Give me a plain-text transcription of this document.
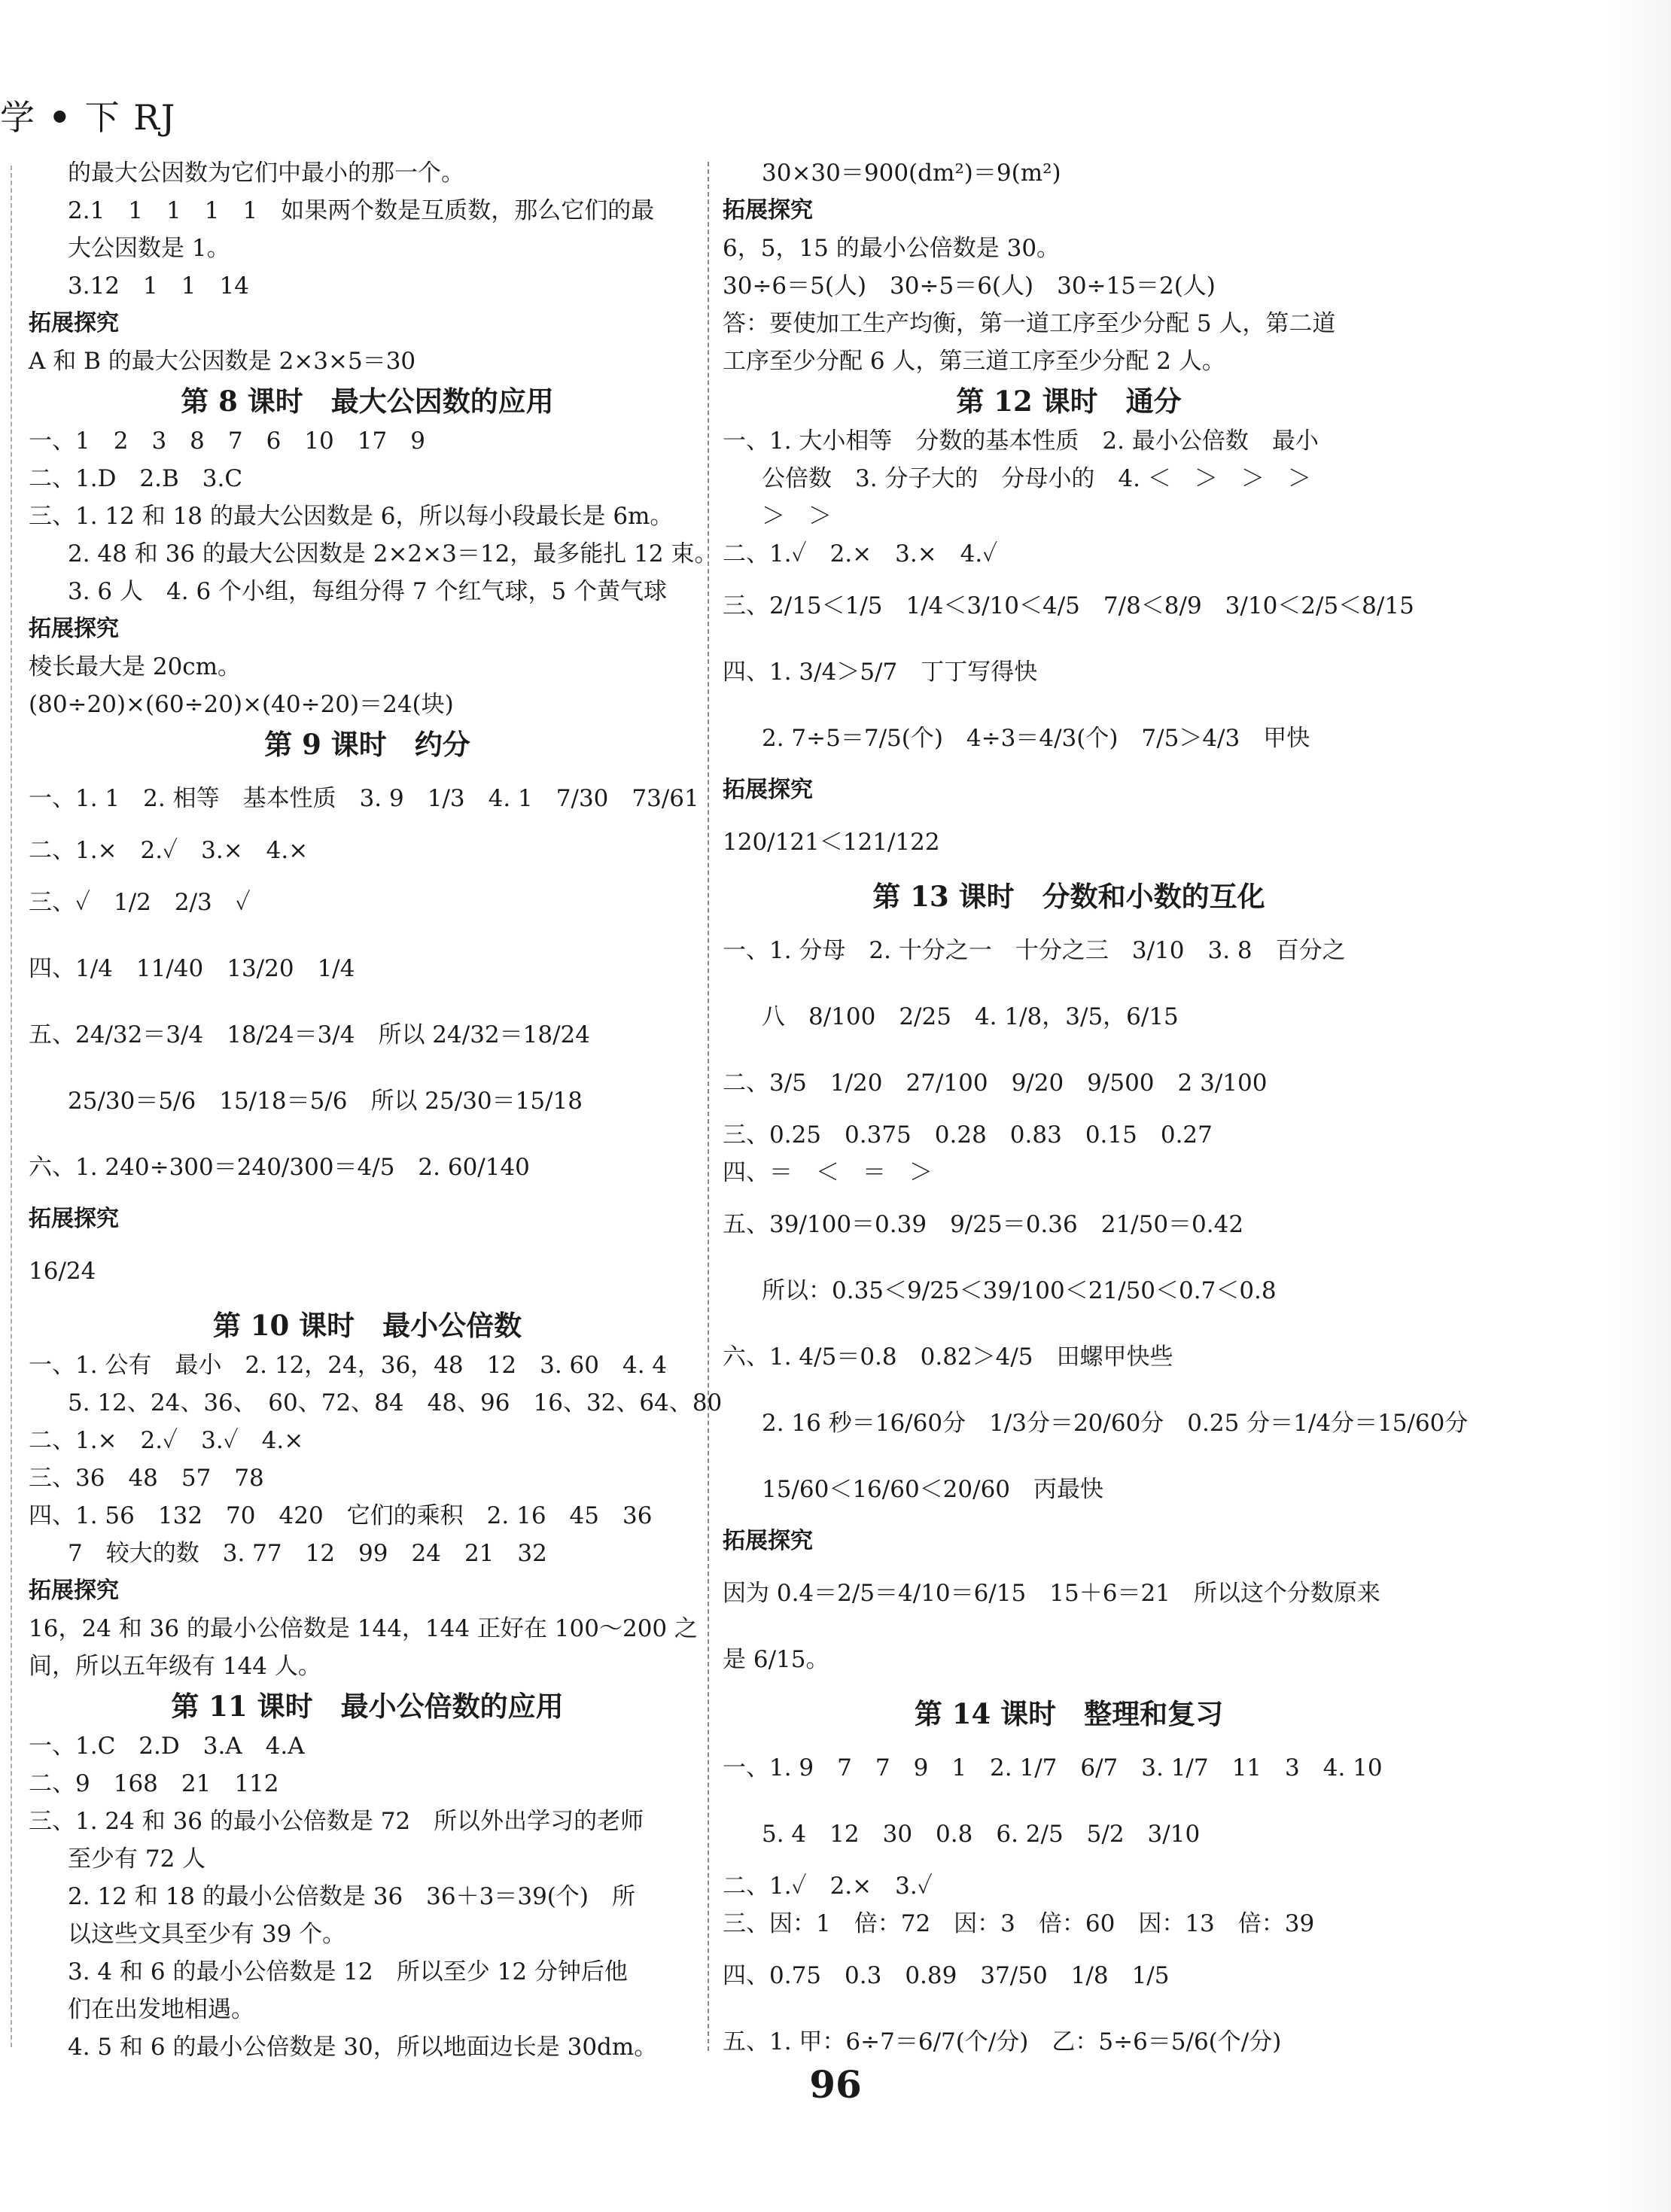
学 • 下 RJ
的最大公因数为它们中最小的那一个。
2.1　1　1　1　1　如果两个数是互质数，那么它们的最
大公因数是 1。
3.12　1　1　14
拓展探究
A 和 B 的最大公因数是 2×3×5＝30
第 8 课时　最大公因数的应用
一、1　2　3　8　7　6　10　17　9
二、1.D　2.B　3.C
三、1. 12 和 18 的最大公因数是 6，所以每小段最长是 6m。
2. 48 和 36 的最大公因数是 2×2×3＝12，最多能扎 12 束。
3. 6 人　4. 6 个小组，每组分得 7 个红气球，5 个黄气球
拓展探究
棱长最大是 20cm。
(80÷20)×(60÷20)×(40÷20)＝24(块)
第 9 课时　约分
一、1. 1　2. 相等　基本性质　3. 9　1/3　4. 1　7/30　73/61
二、1.×　2.✓　3.×　4.×
三、✓　1/2　2/3　✓
四、1/4　11/40　13/20　1/4
五、24/32＝3/4　18/24＝3/4　所以 24/32＝18/24
25/30＝5/6　15/18＝5/6　所以 25/30＝15/18
六、1. 240÷300＝240/300＝4/5　2. 60/140
拓展探究
16/24
第 10 课时　最小公倍数
一、1. 公有　最小　2. 12，24，36，48　12　3. 60　4. 4
5. 12、24、36、　60、72、84　48、96　16、32、64、80
二、1.×　2.✓　3.✓　4.×
三、36　48　57　78
四、1. 56　132　70　420　它们的乘积　2. 16　45　36
7　较大的数　3. 77　12　99　24　21　32
拓展探究
16，24 和 36 的最小公倍数是 144，144 正好在 100～200 之
间，所以五年级有 144 人。
第 11 课时　最小公倍数的应用
一、1.C　2.D　3.A　4.A
二、9　168　21　112
三、1. 24 和 36 的最小公倍数是 72　所以外出学习的老师
至少有 72 人
2. 12 和 18 的最小公倍数是 36　36＋3＝39(个)　所
以这些文具至少有 39 个。
3. 4 和 6 的最小公倍数是 12　所以至少 12 分钟后他
们在出发地相遇。
4. 5 和 6 的最小公倍数是 30，所以地面边长是 30dm。
30×30＝900(dm²)＝9(m²)
拓展探究
6，5，15 的最小公倍数是 30。
30÷6＝5(人)　30÷5＝6(人)　30÷15＝2(人)
答：要使加工生产均衡，第一道工序至少分配 5 人，第二道
工序至少分配 6 人，第三道工序至少分配 2 人。
第 12 课时　通分
一、1. 大小相等　分数的基本性质　2. 最小公倍数　最小
公倍数　3. 分子大的　分母小的　4. ＜　＞　＞　＞
＞　＞
二、1.✓　2.×　3.×　4.✓
三、2/15＜1/5　1/4＜3/10＜4/5　7/8＜8/9　3/10＜2/5＜8/15
四、1. 3/4＞5/7　丁丁写得快
2. 7÷5＝7/5(个)　4÷3＝4/3(个)　7/5＞4/3　甲快
拓展探究
120/121＜121/122
第 13 课时　分数和小数的互化
一、1. 分母　2. 十分之一　十分之三　3/10　3. 8　百分之
八　8/100　2/25　4. 1/8，3/5，6/15
二、3/5　1/20　27/100　9/20　9/500　2 3/100
三、0.25　0.375　0.28　0.83　0.15　0.27
四、＝　＜　＝　＞
五、39/100＝0.39　9/25＝0.36　21/50＝0.42
所以：0.35＜9/25＜39/100＜21/50＜0.7＜0.8
六、1. 4/5＝0.8　0.82＞4/5　田螺甲快些
2. 16 秒＝16/60分　1/3分＝20/60分　0.25 分＝1/4分＝15/60分
15/60＜16/60＜20/60　丙最快
拓展探究
因为 0.4＝2/5＝4/10＝6/15　15＋6＝21　所以这个分数原来
是 6/15。
第 14 课时　整理和复习
一、1. 9　7　7　9　1　2. 1/7　6/7　3. 1/7　11　3　4. 10
5. 4　12　30　0.8　6. 2/5　5/2　3/10
二、1.✓　2.×　3.✓
三、因：1　倍：72　因：3　倍：60　因：13　倍：39
四、0.75　0.3　0.89　37/50　1/8　1/5
五、1. 甲：6÷7＝6/7(个/分)　乙：5÷6＝5/6(个/分)
96
